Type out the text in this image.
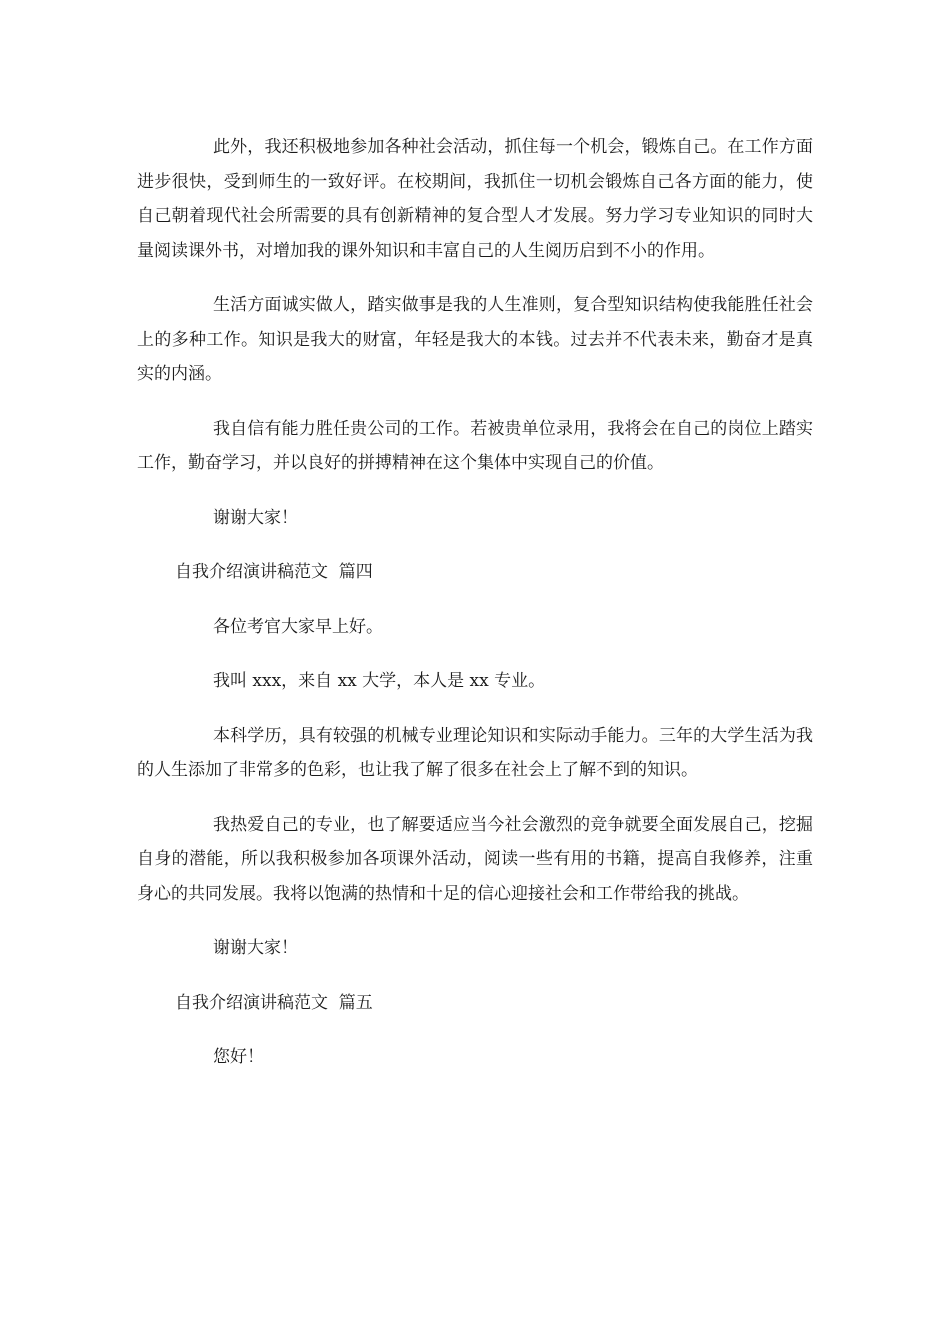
此外，我还积极地参加各种社会活动，抓住每一个机会，锻炼自己。在工作方面进步很快，受到师生的一致好评。在校期间，我抓住一切机会锻炼自己各方面的能力，使自己朝着现代社会所需要的具有创新精神的复合型人才发展。努力学习专业知识的同时大量阅读课外书，对增加我的课外知识和丰富自己的人生阅历启到不小的作用。

生活方面诚实做人，踏实做事是我的人生准则，复合型知识结构使我能胜任社会上的多种工作。知识是我大的财富，年轻是我大的本钱。过去并不代表未来，勤奋才是真实的内涵。

我自信有能力胜任贵公司的工作。若被贵单位录用，我将会在自己的岗位上踏实工作，勤奋学习，并以良好的拼搏精神在这个集体中实现自己的价值。

谢谢大家！

自我介绍演讲稿范文  篇四

各位考官大家早上好。

我叫 xxx，来自 xx 大学，本人是 xx 专业。

本科学历，具有较强的机械专业理论知识和实际动手能力。三年的大学生活为我的人生添加了非常多的色彩，也让我了解了很多在社会上了解不到的知识。

我热爱自己的专业，也了解要适应当今社会激烈的竞争就要全面发展自己，挖掘自身的潜能，所以我积极参加各项课外活动，阅读一些有用的书籍，提高自我修养，注重身心的共同发展。我将以饱满的热情和十足的信心迎接社会和工作带给我的挑战。

谢谢大家！

自我介绍演讲稿范文  篇五

您好！
